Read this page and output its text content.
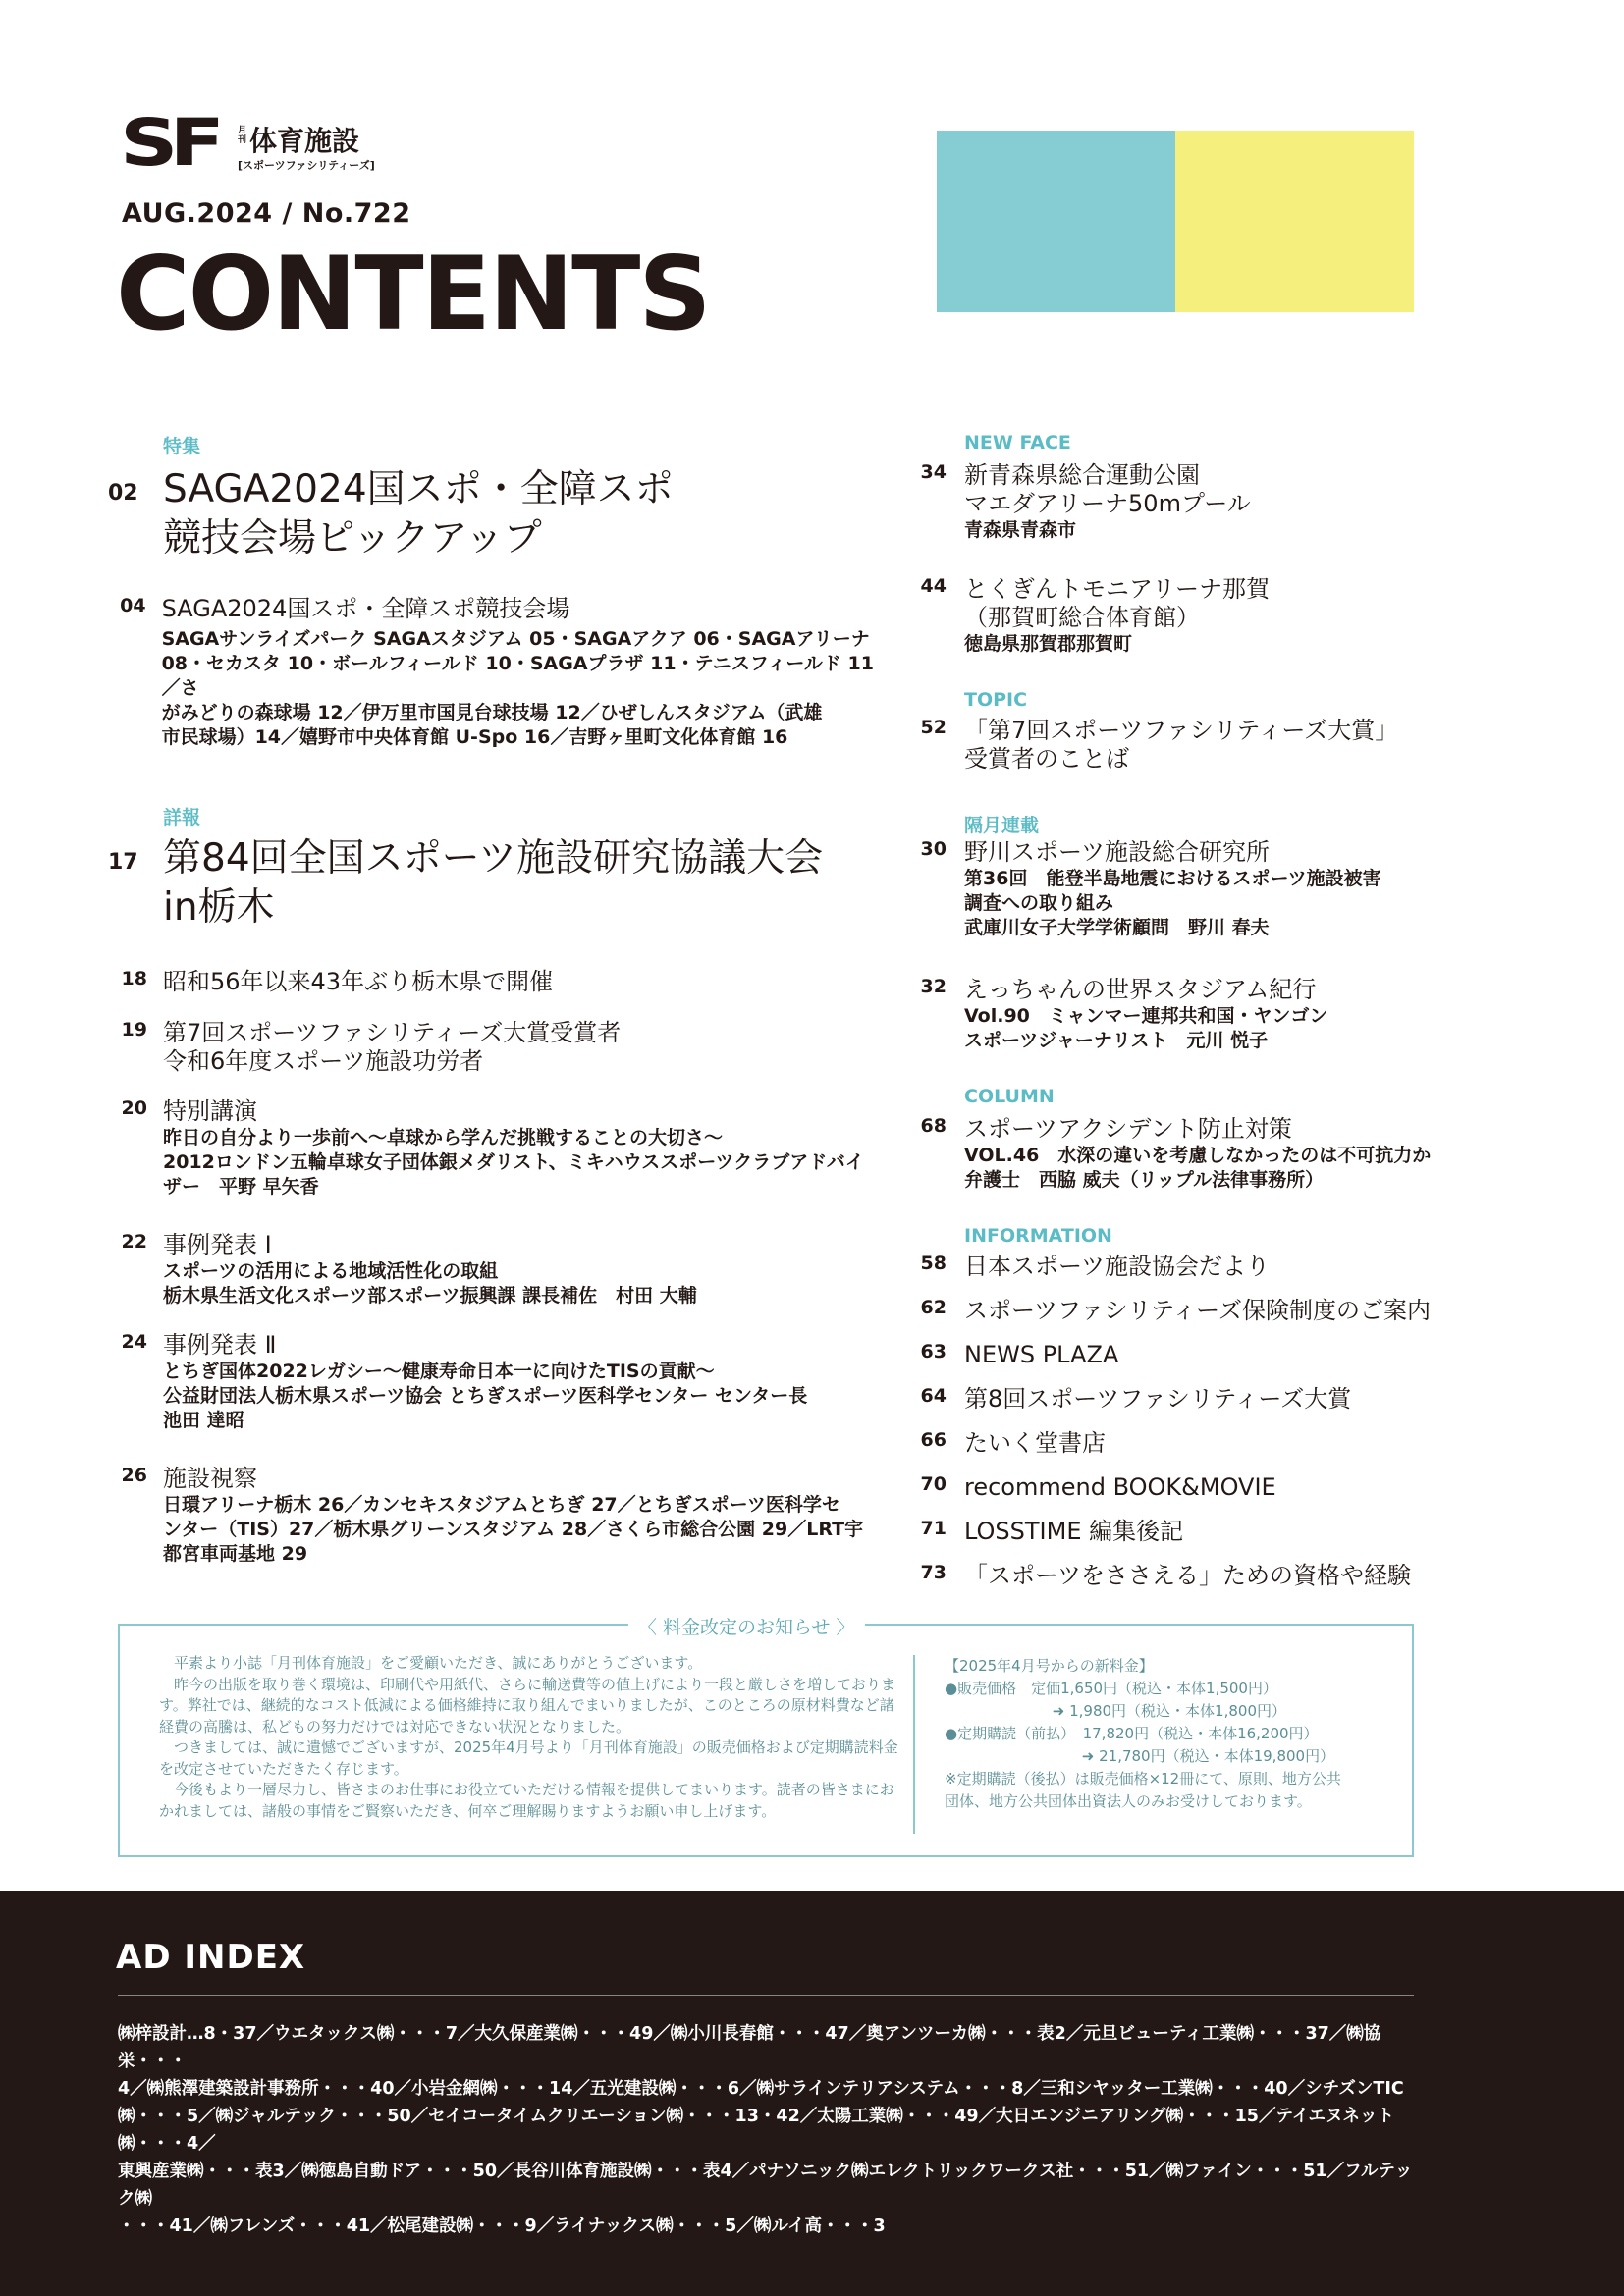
SF	月刊 体育施設
[スポーツファシリティーズ]
AUG.2024 / No.722
CONTENTS
特集
02 SAGA2024国スポ・全障スポ
競技会場ピックアップ
04 SAGA2024国スポ・全障スポ競技会場
SAGAサンライズパーク SAGAスタジアム 05・SAGAアクア 06・SAGAアリーナ
08・セカスタ 10・ボールフィールド 10・SAGAプラザ 11・テニスフィールド 11／さ
がみどりの森球場 12／伊万里市国見台球技場 12／ひぜしんスタジアム（武雄
市民球場）14／嬉野市中央体育館 U-Spo 16／吉野ヶ里町文化体育館 16
詳報
17 第84回全国スポーツ施設研究協議大会
in栃木
18 昭和56年以来43年ぶり栃木県で開催
19 第7回スポーツファシリティーズ大賞受賞者
令和6年度スポーツ施設功労者
20 特別講演
昨日の自分より一歩前へ～卓球から学んだ挑戦することの大切さ～
2012ロンドン五輪卓球女子団体銀メダリスト、ミキハウススポーツクラブアドバイ
ザー　平野 早矢香
22 事例発表 Ⅰ
スポーツの活用による地域活性化の取組
栃木県生活文化スポーツ部スポーツ振興課 課長補佐　村田 大輔
24 事例発表 Ⅱ
とちぎ国体2022レガシー～健康寿命日本一に向けたTISの貢献～
公益財団法人栃木県スポーツ協会 とちぎスポーツ医科学センター センター長
池田 達昭
26 施設視察
日環アリーナ栃木 26／カンセキスタジアムとちぎ 27／とちぎスポーツ医科学セ
ンター（TIS）27／栃木県グリーンスタジアム 28／さくら市総合公園 29／LRT宇
都宮車両基地 29
NEW FACE
34 新青森県総合運動公園
マエダアリーナ50mプール
青森県青森市
44 とくぎんトモニアリーナ那賀
（那賀町総合体育館）
徳島県那賀郡那賀町
TOPIC
52 「第7回スポーツファシリティーズ大賞」
受賞者のことば
隔月連載
30 野川スポーツ施設総合研究所
第36回　能登半島地震におけるスポーツ施設被害
調査への取り組み
武庫川女子大学学術顧問　野川 春夫
32 えっちゃんの世界スタジアム紀行
Vol.90　ミャンマー連邦共和国・ヤンゴン
スポーツジャーナリスト　元川 悦子
COLUMN
68 スポーツアクシデント防止対策
VOL.46　水深の違いを考慮しなかったのは不可抗力か
弁護士　西脇 威夫（リップル法律事務所）
INFORMATION
58 日本スポーツ施設協会だより
62 スポーツファシリティーズ保険制度のご案内
63 NEWS PLAZA
64 第8回スポーツファシリティーズ大賞
66 たいく堂書店
70 recommend BOOK&MOVIE
71 LOSSTIME 編集後記
73 「スポーツをささえる」ための資格や経験
〈 料金改定のお知らせ 〉

平素より小誌「月刊体育施設」をご愛顧いただき、誠にありがとうございます。

昨今の出版を取り巻く環境は、印刷代や用紙代、さらに輸送費等の値上げにより一段と厳しさを増しておりま す。弊社では、継続的なコスト低減による価格維持に取り組んでまいりましたが、このところの原材料費など諸経費の高騰は、私どもの努力だけでは対応できない状況となりました。

つきましては、誠に遺憾でございますが、2025年4月号より「月刊体育施設」の販売価格および定期購読料金を改定させていただきたく存じます。

今後もより一層尽力し、皆さまのお仕事にお役立ていただける情報を提供してまいります。読者の皆さまにおかれましては、諸般の事情をご賢察いただき、何卒ご理解賜りますようお願い申し上げます。

【2025年4月号からの新料金】
●販売価格　定価1,650円（税込・本体1,500円）
　　　　　　　 ➜ 1,980円（税込・本体1,800円）
●定期購読（前払）　17,820円（税込・本体16,200円）
　　　　　　　　　 ➜ 21,780円（税込・本体19,800円）
※定期購読（後払）は販売価格×12冊にて、原則、地方公共
団体、地方公共団体出資法人のみお受けしております。
AD INDEX
㈱梓設計…8・37／ウエタックス㈱・・・7／大久保産業㈱・・・49／㈱小川長春館・・・47／奥アンツーカ㈱・・・表2／元旦ビューティ工業㈱・・・37／㈱協栄・・・
4／㈱熊澤建築設計事務所・・・40／小岩金網㈱・・・14／五光建設㈱・・・6／㈱サラインテリアシステム・・・8／三和シヤッター工業㈱・・・40／シチズンTIC
㈱・・・5／㈱ジャルテック・・・50／セイコータイムクリエーション㈱・・・13・42／太陽工業㈱・・・49／大日エンジニアリング㈱・・・15／テイエヌネット㈱・・・4／
東興産業㈱・・・表3／㈱徳島自動ドア・・・50／長谷川体育施設㈱・・・表4／パナソニック㈱エレクトリックワークス社・・・51／㈱ファイン・・・51／フルテック㈱
・・・41／㈱フレンズ・・・41／松尾建設㈱・・・9／ライナックス㈱・・・5／㈱ルイ高・・・3
